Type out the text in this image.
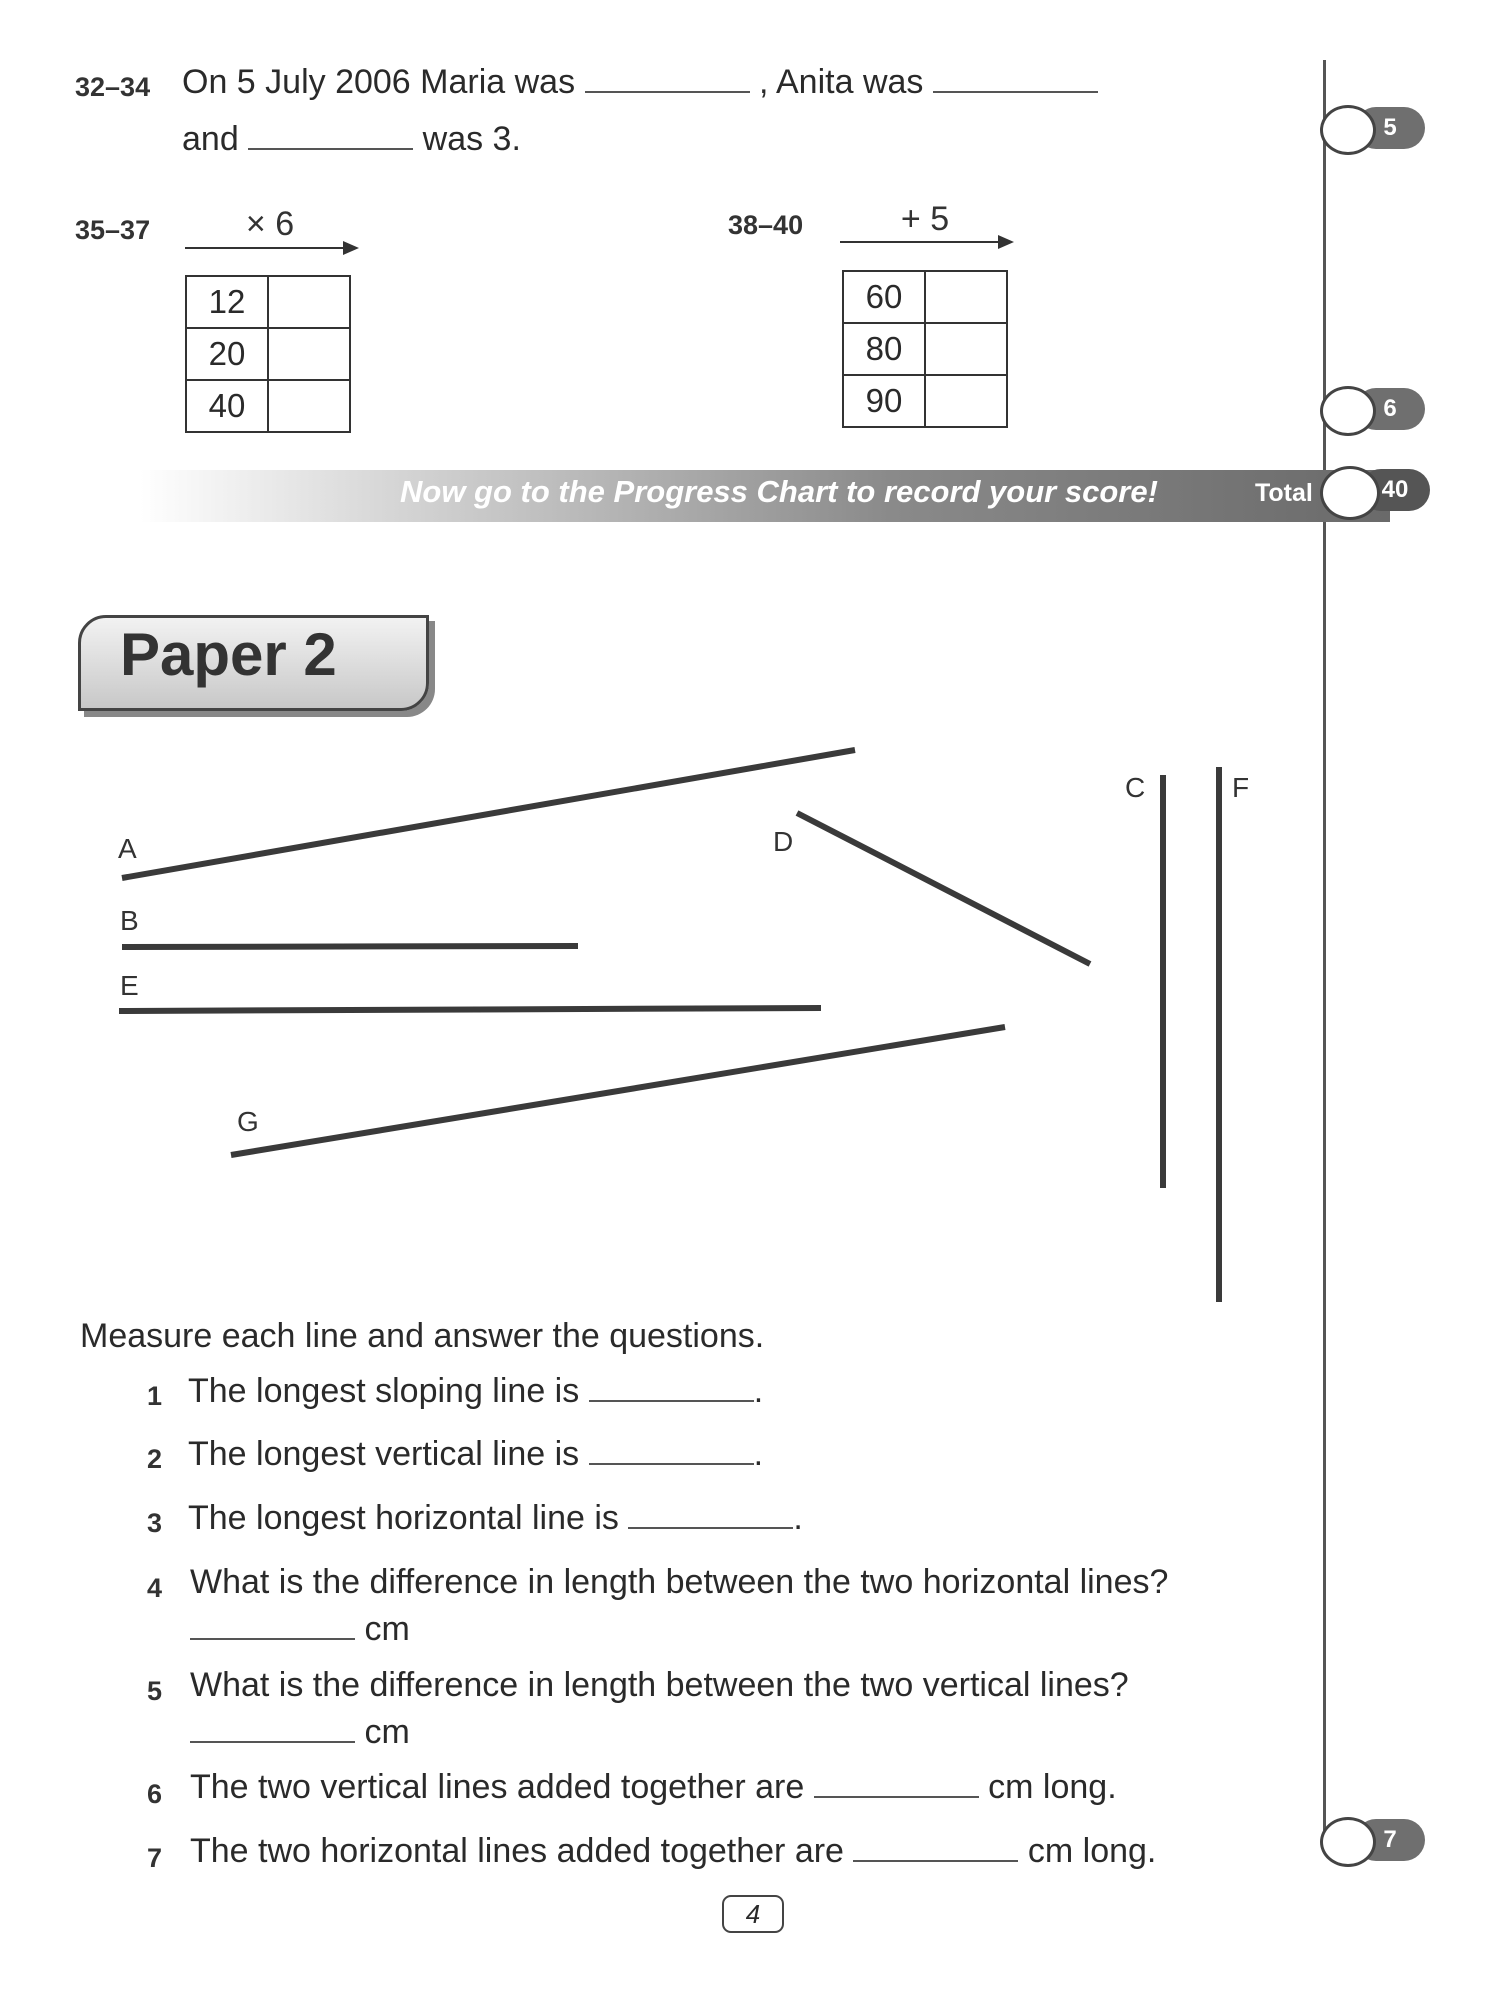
32–34 On 5 July 2006 Maria was	, Anita was
and	was 3.
35–37	× 6
12	
20	
40	
38–40	+ 5
60	
80	
90	
5
6
Now go to the Progress Chart to record your score!	Total	40
Paper 2
A
B
E
D
G
C	F
Measure each line and answer the questions.
1 The longest sloping line is	.
2 The longest vertical line is	.
3 The longest horizontal line is	.
4 What is the difference in length between the two horizontal lines?
cm
5 What is the difference in length between the two vertical lines?
cm
6 The two vertical lines added together are	cm long.
7 The two horizontal lines added together are	cm long.	7
4
